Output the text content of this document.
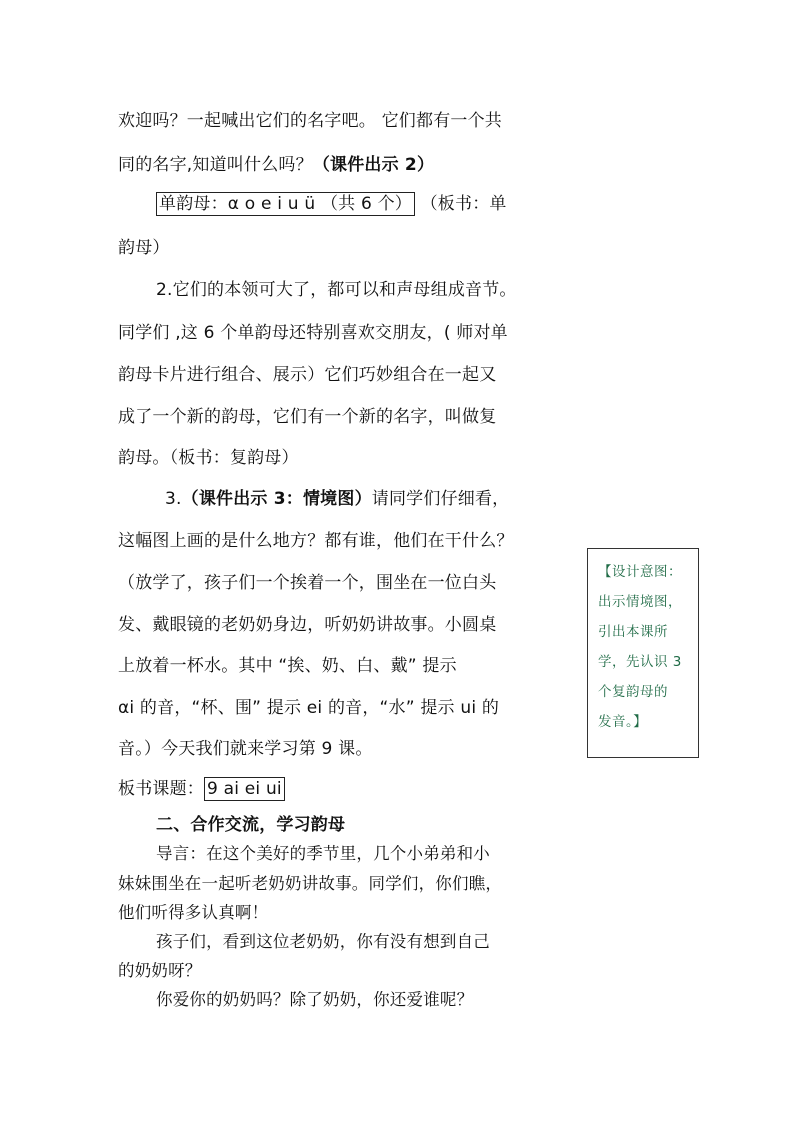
欢迎吗？一起喊出它们的名字吧。 它们都有一个共
同的名字,知道叫什么吗？（课件出示 2）
单韵母：α o e i u ü （共 6 个） （板书：单
韵母）
2.它们的本领可大了，都可以和声母组成音节。
同学们 ,这 6 个单韵母还特别喜欢交朋友，( 师对单
韵母卡片进行组合、展示）它们巧妙组合在一起又
成了一个新的韵母，它们有一个新的名字，叫做复
韵母。（板书：复韵母）
3.（课件出示 3：情境图）请同学们仔细看，
这幅图上画的是什么地方？都有谁，他们在干什么？
（放学了，孩子们一个挨着一个，围坐在一位白头
发、戴眼镜的老奶奶身边，听奶奶讲故事。小圆桌
上放着一杯水。其中 “挨、奶、白、戴” 提示
αi 的音，“杯、围” 提示 ei 的音，“水” 提示 ui 的
音。）今天我们就来学习第 9 课。
板书课题： 9 ai ei ui
二、合作交流，学习韵母
导言：在这个美好的季节里，几个小弟弟和小
妹妹围坐在一起听老奶奶讲故事。同学们，你们瞧，
他们听得多认真啊！
孩子们，看到这位老奶奶，你有没有想到自己
的奶奶呀？
你爱你的奶奶吗？除了奶奶，你还爱谁呢？
【设计意图：
出示情境图，
引出本课所
学，先认识 3
个复韵母的
发音。】
